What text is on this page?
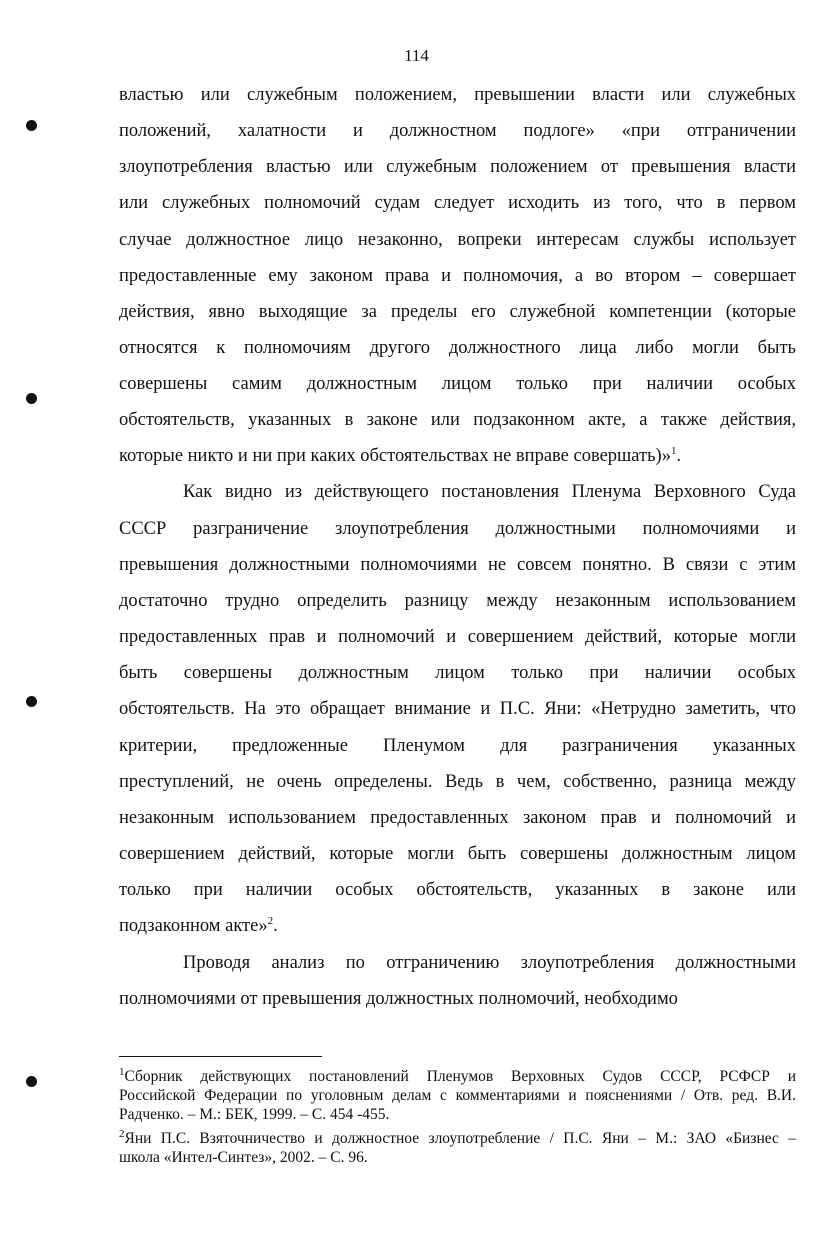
114
властью или служебным положением, превышении власти или служебных
положений, халатности и должностном подлоге» «при отграничении
злоупотребления властью или служебным положением от превышения власти
или служебных полномочий судам следует исходить из того, что в первом
случае должностное лицо незаконно, вопреки интересам службы использует
предоставленные ему законом права и полномочия, а во втором – совершает
действия, явно выходящие за пределы его служебной компетенции (которые
относятся к полномочиям другого должностного лица либо могли быть
совершены самим должностным лицом только при наличии особых
обстоятельств, указанных в законе или подзаконном акте, а также действия,
которые никто и ни при каких обстоятельствах не вправе совершать)»$^1$.
Как видно из действующего постановления Пленума Верховного Суда
СССР разграничение злоупотребления должностными полномочиями и
превышения должностными полномочиями не совсем понятно. В связи с этим
достаточно трудно определить разницу между незаконным использованием
предоставленных прав и полномочий и совершением действий, которые могли
быть совершены должностным лицом только при наличии особых
обстоятельств. На это обращает внимание и П.С. Яни: «Нетрудно заметить, что
критерии, предложенные Пленумом для разграничения указанных
преступлений, не очень определены. Ведь в чем, собственно, разница между
незаконным использованием предоставленных законом прав и полномочий и
совершением действий, которые могли быть совершены должностным лицом
только при наличии особых обстоятельств, указанных в законе или
подзаконном акте»$^2$.
Проводя анализ по отграничению злоупотребления должностными
полномочиями от превышения должностных полномочий, необходимо
$^1$Сборник действующих постановлений Пленумов Верховных Судов СССР, РСФСР и
Российской Федерации по уголовным делам с комментариями и пояснениями / Отв. ред. В.И.
Радченко. – М.: БЕК, 1999. – С. 454 -455.
$^2$Яни П.С. Взяточничество и должностное злоупотребление / П.С. Яни – М.: ЗАО «Бизнес –
школа «Интел-Синтез», 2002. – С. 96.
